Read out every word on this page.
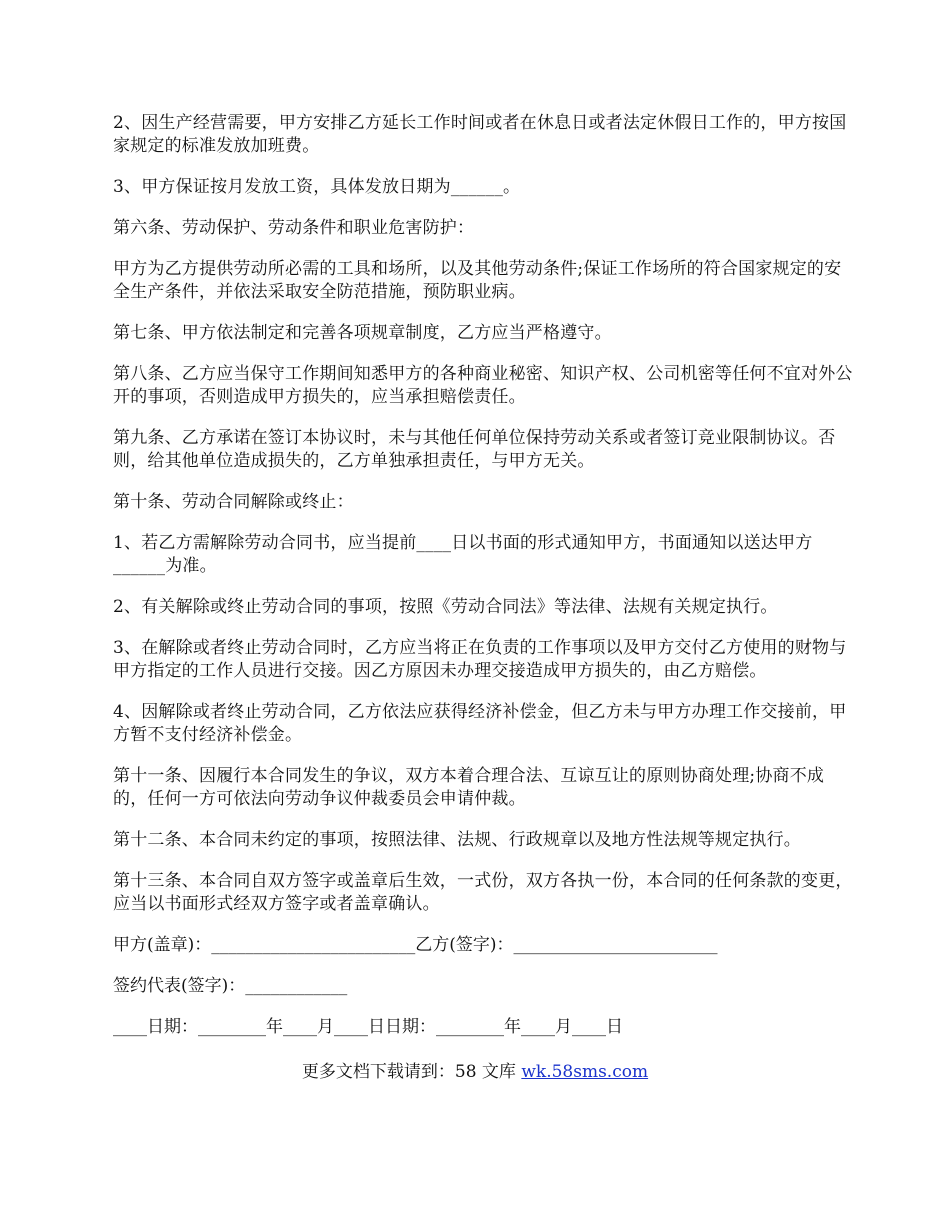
2、因生产经营需要，甲方安排乙方延长工作时间或者在休息日或者法定休假日工作的，甲方按国家规定的标准发放加班费。

3、甲方保证按月发放工资，具体发放日期为______。

第六条、劳动保护、劳动条件和职业危害防护：

甲方为乙方提供劳动所必需的工具和场所，以及其他劳动条件;保证工作场所的符合国家规定的安全生产条件，并依法采取安全防范措施，预防职业病。

第七条、甲方依法制定和完善各项规章制度，乙方应当严格遵守。

第八条、乙方应当保守工作期间知悉甲方的各种商业秘密、知识产权、公司机密等任何不宜对外公开的事项，否则造成甲方损失的，应当承担赔偿责任。

第九条、乙方承诺在签订本协议时，未与其他任何单位保持劳动关系或者签订竞业限制协议。否则，给其他单位造成损失的，乙方单独承担责任，与甲方无关。

第十条、劳动合同解除或终止：

1、若乙方需解除劳动合同书，应当提前____日以书面的形式通知甲方，书面通知以送达甲方______为准。

2、有关解除或终止劳动合同的事项，按照《劳动合同法》等法律、法规有关规定执行。

3、在解除或者终止劳动合同时，乙方应当将正在负责的工作事项以及甲方交付乙方使用的财物与甲方指定的工作人员进行交接。因乙方原因未办理交接造成甲方损失的，由乙方赔偿。

4、因解除或者终止劳动合同，乙方依法应获得经济补偿金，但乙方未与甲方办理工作交接前，甲方暂不支付经济补偿金。

第十一条、因履行本合同发生的争议，双方本着合理合法、互谅互让的原则协商处理;协商不成的，任何一方可依法向劳动争议仲裁委员会申请仲裁。

第十二条、本合同未约定的事项，按照法律、法规、行政规章以及地方性法规等规定执行。

第十三条、本合同自双方签字或盖章后生效，一式份，双方各执一份，本合同的任何条款的变更，应当以书面形式经双方签字或者盖章确认。

甲方(盖章)：________________________乙方(签字)：________________________
签约代表(签字)：____________
____日期：________年____月____日日期：________年____月____日
更多文档下载请到：58 文库 wk.58sms.com
